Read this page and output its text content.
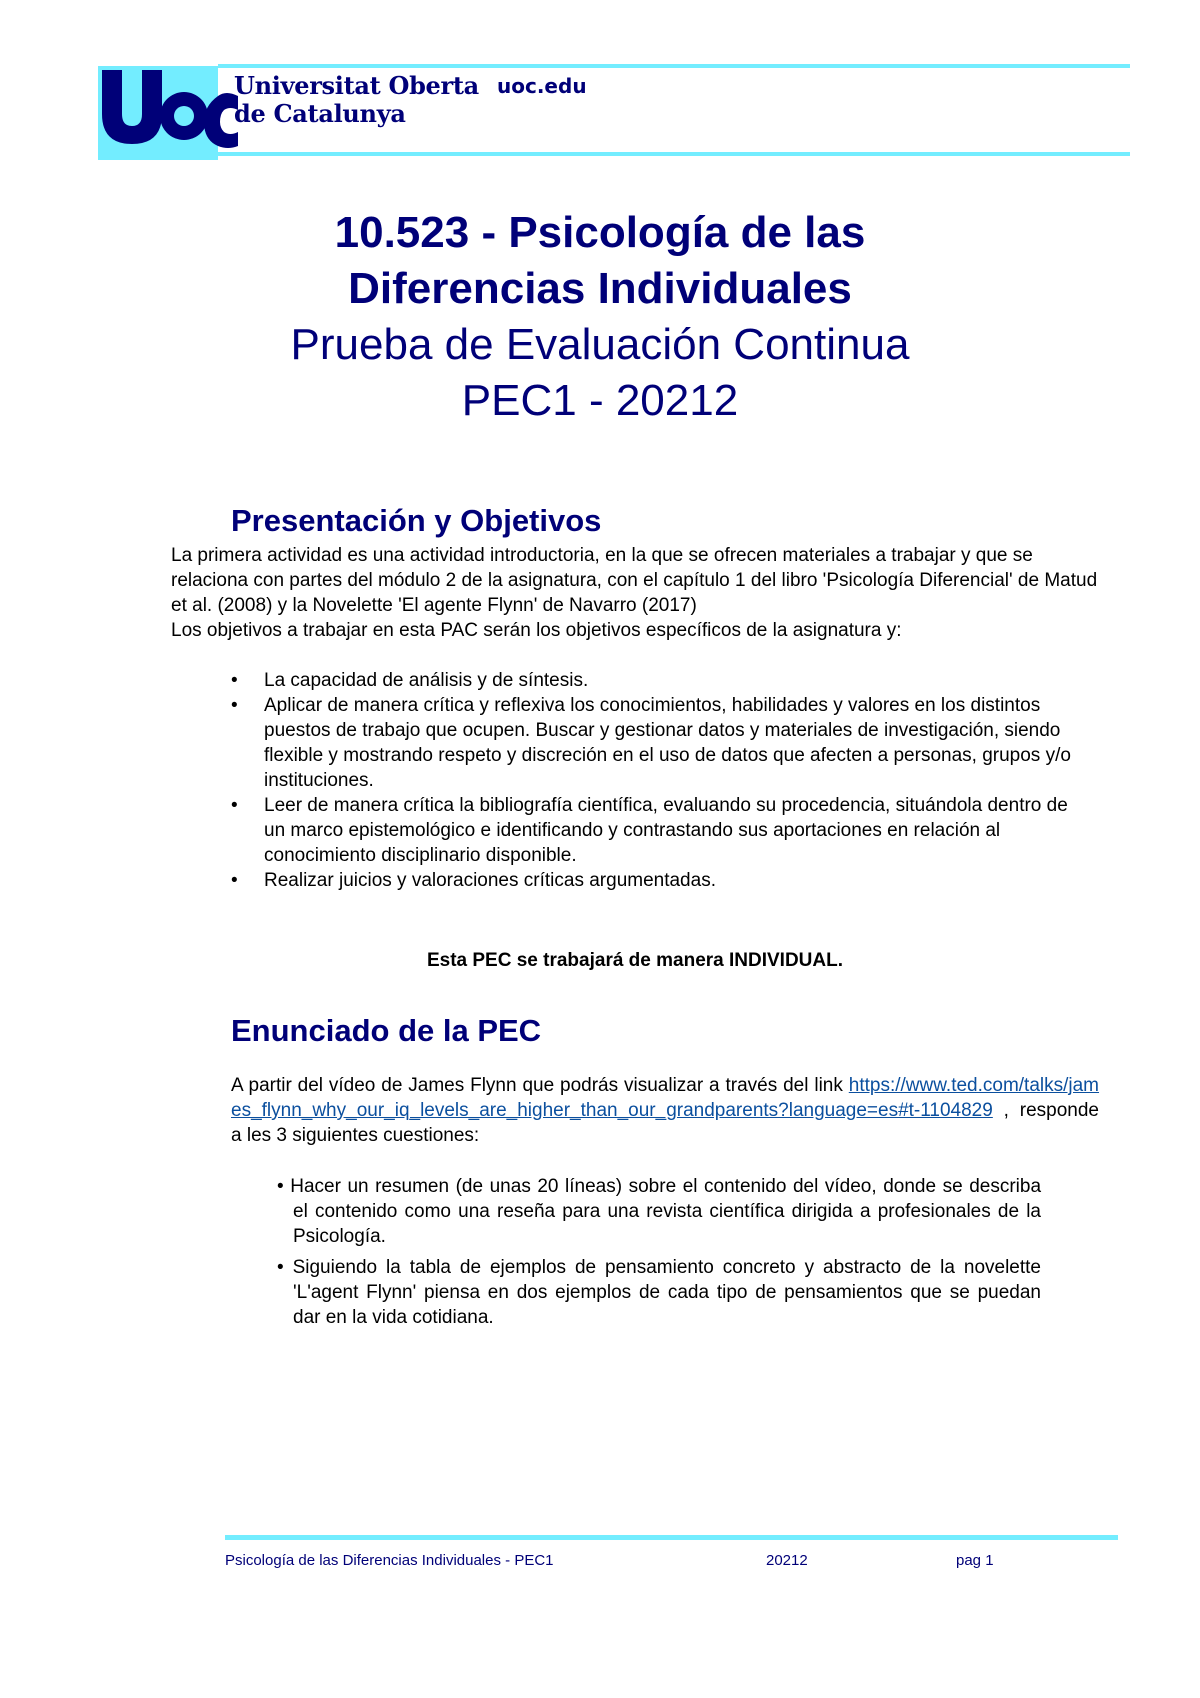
Universitat Oberta
de Catalunya
uoc.edu
10.523 - Psicología de las
Diferencias Individuales
Prueba de Evaluación Continua
PEC1 - 20212
Presentación y Objetivos

La primera actividad es una actividad introductoria, en la que se ofrecen materiales a trabajar y que se relaciona con partes del módulo 2 de la asignatura, con el capítulo 1 del libro 'Psicología Diferencial' de Matud et al. (2008) y la Novelette 'El agente Flynn' de Navarro (2017)

Los objetivos a trabajar en esta PAC serán los objetivos específicos de la asignatura y:

• La capacidad de análisis y de síntesis.
• Aplicar de manera crítica y reflexiva los conocimientos, habilidades y valores en los distintos puestos de trabajo que ocupen. Buscar y gestionar datos y materiales de investigación, siendo flexible y mostrando respeto y discreción en el uso de datos que afecten a personas, grupos y/o instituciones.
• Leer de manera crítica la bibliografía científica, evaluando su procedencia, situándola dentro de un marco epistemológico e identificando y contrastando sus aportaciones en relación al conocimiento disciplinario disponible.
• Realizar juicios y valoraciones críticas argumentadas.

Esta PEC se trabajará de manera INDIVIDUAL.

Enunciado de la PEC
A partir del vídeo de James Flynn que podrás visualizar a través del link https://www.ted.com/talks/james_flynn_why_our_iq_levels_are_higher_than_our_grandparents?language=es#t-1104829 , responde a les 3 siguientes cuestiones:
• Hacer un resumen (de unas 20 líneas) sobre el contenido del vídeo, donde se describa el contenido como una reseña para una revista científica dirigida a profesionales de la Psicología.
• Siguiendo la tabla de ejemplos de pensamiento concreto y abstracto de la novelette 'L'agent Flynn' piensa en dos ejemplos de cada tipo de pensamientos que se puedan dar en la vida cotidiana.
Psicología de las Diferencias Individuales - PEC1	20212	pag 1
